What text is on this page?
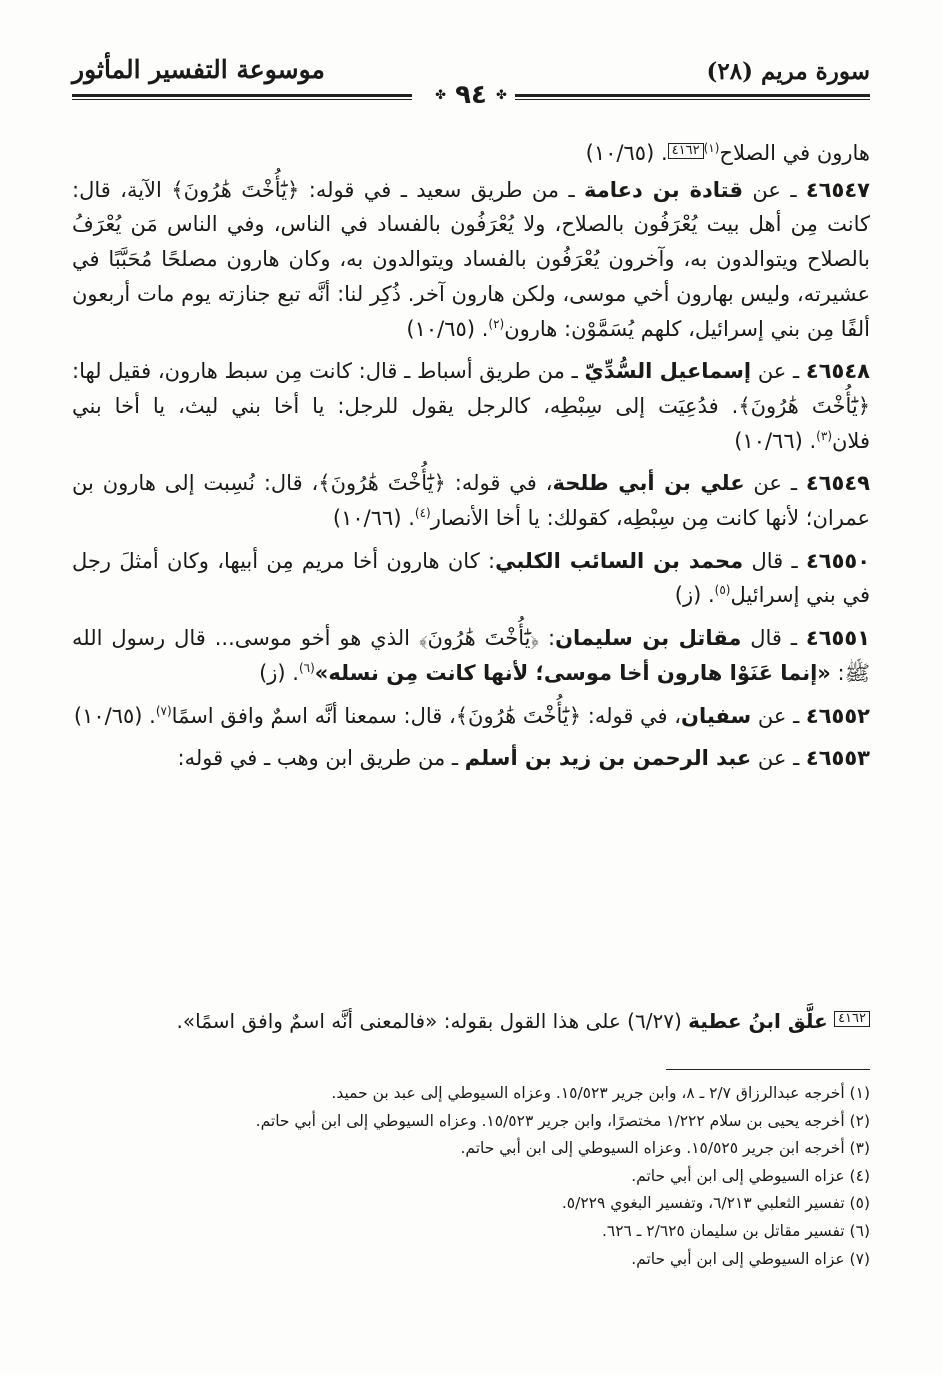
سورة مريم (٢٨)
موسوعة التفسير المأثور
✤ ٩٤ ✤

هارون في الصلاح$^{(١)}$٤١٦٢. (١٠/٦٥)

٤٦٥٤٧ ـ عن قتادة بن دعامة ـ من طريق سعيد ـ في قوله: ﴿يَٰٓأُخْتَ هَٰرُونَ﴾ الآية، قال: كانت مِن أهل بيت يُعْرَفُون بالصلاح، ولا يُعْرَفُون بالفساد في الناس، وفي الناس مَن يُعْرَفُ بالصلاح ويتوالدون به، وآخرون يُعْرَفُون بالفساد ويتوالدون به، وكان هارون مصلحًا مُحَبَّبًا في عشيرته، وليس بهارون أخي موسى، ولكن هارون آخر. ذُكِر لنا: أنَّه تبع جنازته يوم مات أربعون ألفًا مِن بني إسرائيل، كلهم يُسَمَّوْن: هارون$^{(٢)}$. (١٠/٦٥)

٤٦٥٤٨ ـ عن إسماعيل السُّدِّيّ ـ من طريق أسباط ـ قال: كانت مِن سبط هارون، فقيل لها: ﴿يَٰٓأُخْتَ هَٰرُونَ﴾. فدُعِيَت إلى سِبْطِه، كالرجل يقول للرجل: يا أخا بني ليث، يا أخا بني فلان$^{(٣)}$. (١٠/٦٦)

٤٦٥٤٩ ـ عن علي بن أبي طلحة، في قوله: ﴿يَٰٓأُخْتَ هَٰرُونَ﴾، قال: نُسِبت إلى هارون بن عمران؛ لأنها كانت مِن سِبْطِه، كقولك: يا أخا الأنصار$^{(٤)}$. (١٠/٦٦)

٤٦٥٥٠ ـ قال محمد بن السائب الكلبي: كان هارون أخا مريم مِن أبيها، وكان أمثلَ رجل في بني إسرائيل$^{(٥)}$. (ز)

٤٦٥٥١ ـ قال مقاتل بن سليمان: ﴿يَٰٓأُخْتَ هَٰرُونَ﴾ الذي هو أخو موسى... قال رسول الله ﷺ: «إنما عَنَوْا هارون أخا موسى؛ لأنها كانت مِن نسله»$^{(٦)}$. (ز)

٤٦٥٥٢ ـ عن سفيان، في قوله: ﴿يَٰٓأُخْتَ هَٰرُونَ﴾، قال: سمعنا أنَّه اسمٌ وافق اسمًا$^{(٧)}$. (١٠/٦٥)

٤٦٥٥٣ ـ عن عبد الرحمن بن زيد بن أسلم ـ من طريق ابن وهب ـ في قوله:

٤١٦٢ علَّق ابنُ عطية (٦/٢٧) على هذا القول بقوله: «فالمعنى أنَّه اسمٌ وافق اسمًا».

(١) أخرجه عبدالرزاق ٢/٧ ـ ٨، وابن جرير ١٥/٥٢٣. وعزاه السيوطي إلى عبد بن حميد.

(٢) أخرجه يحيى بن سلام ١/٢٢٢ مختصرًا، وابن جرير ١٥/٥٢٣. وعزاه السيوطي إلى ابن أبي حاتم.

(٣) أخرجه ابن جرير ١٥/٥٢٥. وعزاه السيوطي إلى ابن أبي حاتم.

(٤) عزاه السيوطي إلى ابن أبي حاتم.

(٥) تفسير الثعلبي ٦/٢١٣، وتفسير البغوي ٥/٢٢٩.

(٦) تفسير مقاتل بن سليمان ٢/٦٢٥ ـ ٦٢٦.

(٧) عزاه السيوطي إلى ابن أبي حاتم.
